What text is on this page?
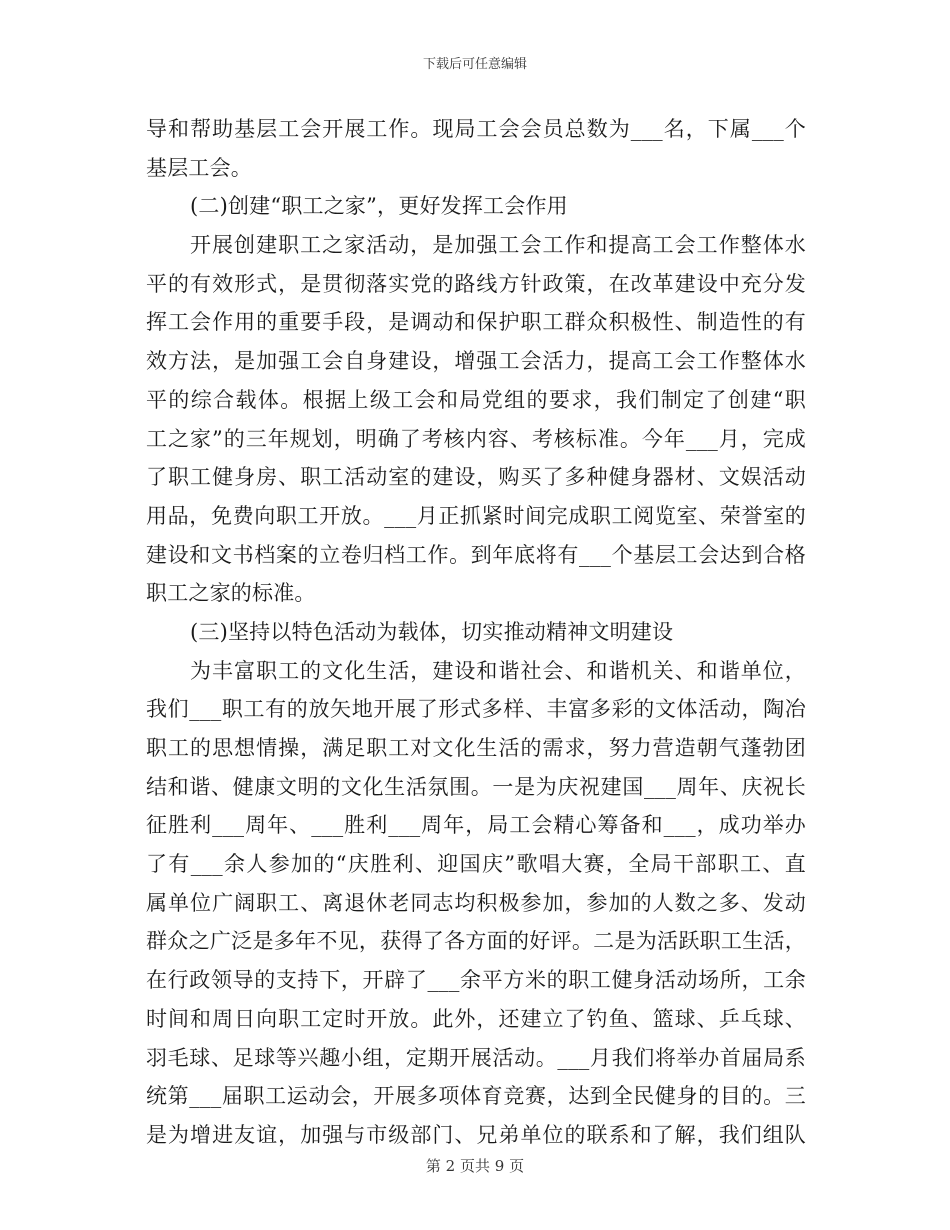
下载后可任意编辑
导和帮助基层工会开展工作。现局工会会员总数为___名，下属___个
基层工会。
(二)创建“职工之家”，更好发挥工会作用
开展创建职工之家活动，是加强工会工作和提高工会工作整体水
平的有效形式，是贯彻落实党的路线方针政策，在改革建设中充分发
挥工会作用的重要手段，是调动和保护职工群众积极性、制造性的有
效方法，是加强工会自身建设，增强工会活力，提高工会工作整体水
平的综合载体。根据上级工会和局党组的要求，我们制定了创建“职
工之家”的三年规划，明确了考核内容、考核标准。今年___月，完成
了职工健身房、职工活动室的建设，购买了多种健身器材、文娱活动
用品，免费向职工开放。___月正抓紧时间完成职工阅览室、荣誉室的
建设和文书档案的立卷归档工作。到年底将有___个基层工会达到合格
职工之家的标准。
(三)坚持以特色活动为载体，切实推动精神文明建设
为丰富职工的文化生活，建设和谐社会、和谐机关、和谐单位，
我们___职工有的放矢地开展了形式多样、丰富多彩的文体活动，陶冶
职工的思想情操，满足职工对文化生活的需求，努力营造朝气蓬勃团
结和谐、健康文明的文化生活氛围。一是为庆祝建国___周年、庆祝长
征胜利___周年、___胜利___周年，局工会精心筹备和___，成功举办
了有___余人参加的“庆胜利、迎国庆”歌唱大赛，全局干部职工、直
属单位广阔职工、离退休老同志均积极参加，参加的人数之多、发动
群众之广泛是多年不见，获得了各方面的好评。二是为活跃职工生活，
在行政领导的支持下，开辟了___余平方米的职工健身活动场所，工余
时间和周日向职工定时开放。此外，还建立了钓鱼、篮球、乒乓球、
羽毛球、足球等兴趣小组，定期开展活动。___月我们将举办首届局系
统第___届职工运动会，开展多项体育竞赛，达到全民健身的目的。三
是为增进友谊，加强与市级部门、兄弟单位的联系和了解，我们组队
第 2 页共 9 页
